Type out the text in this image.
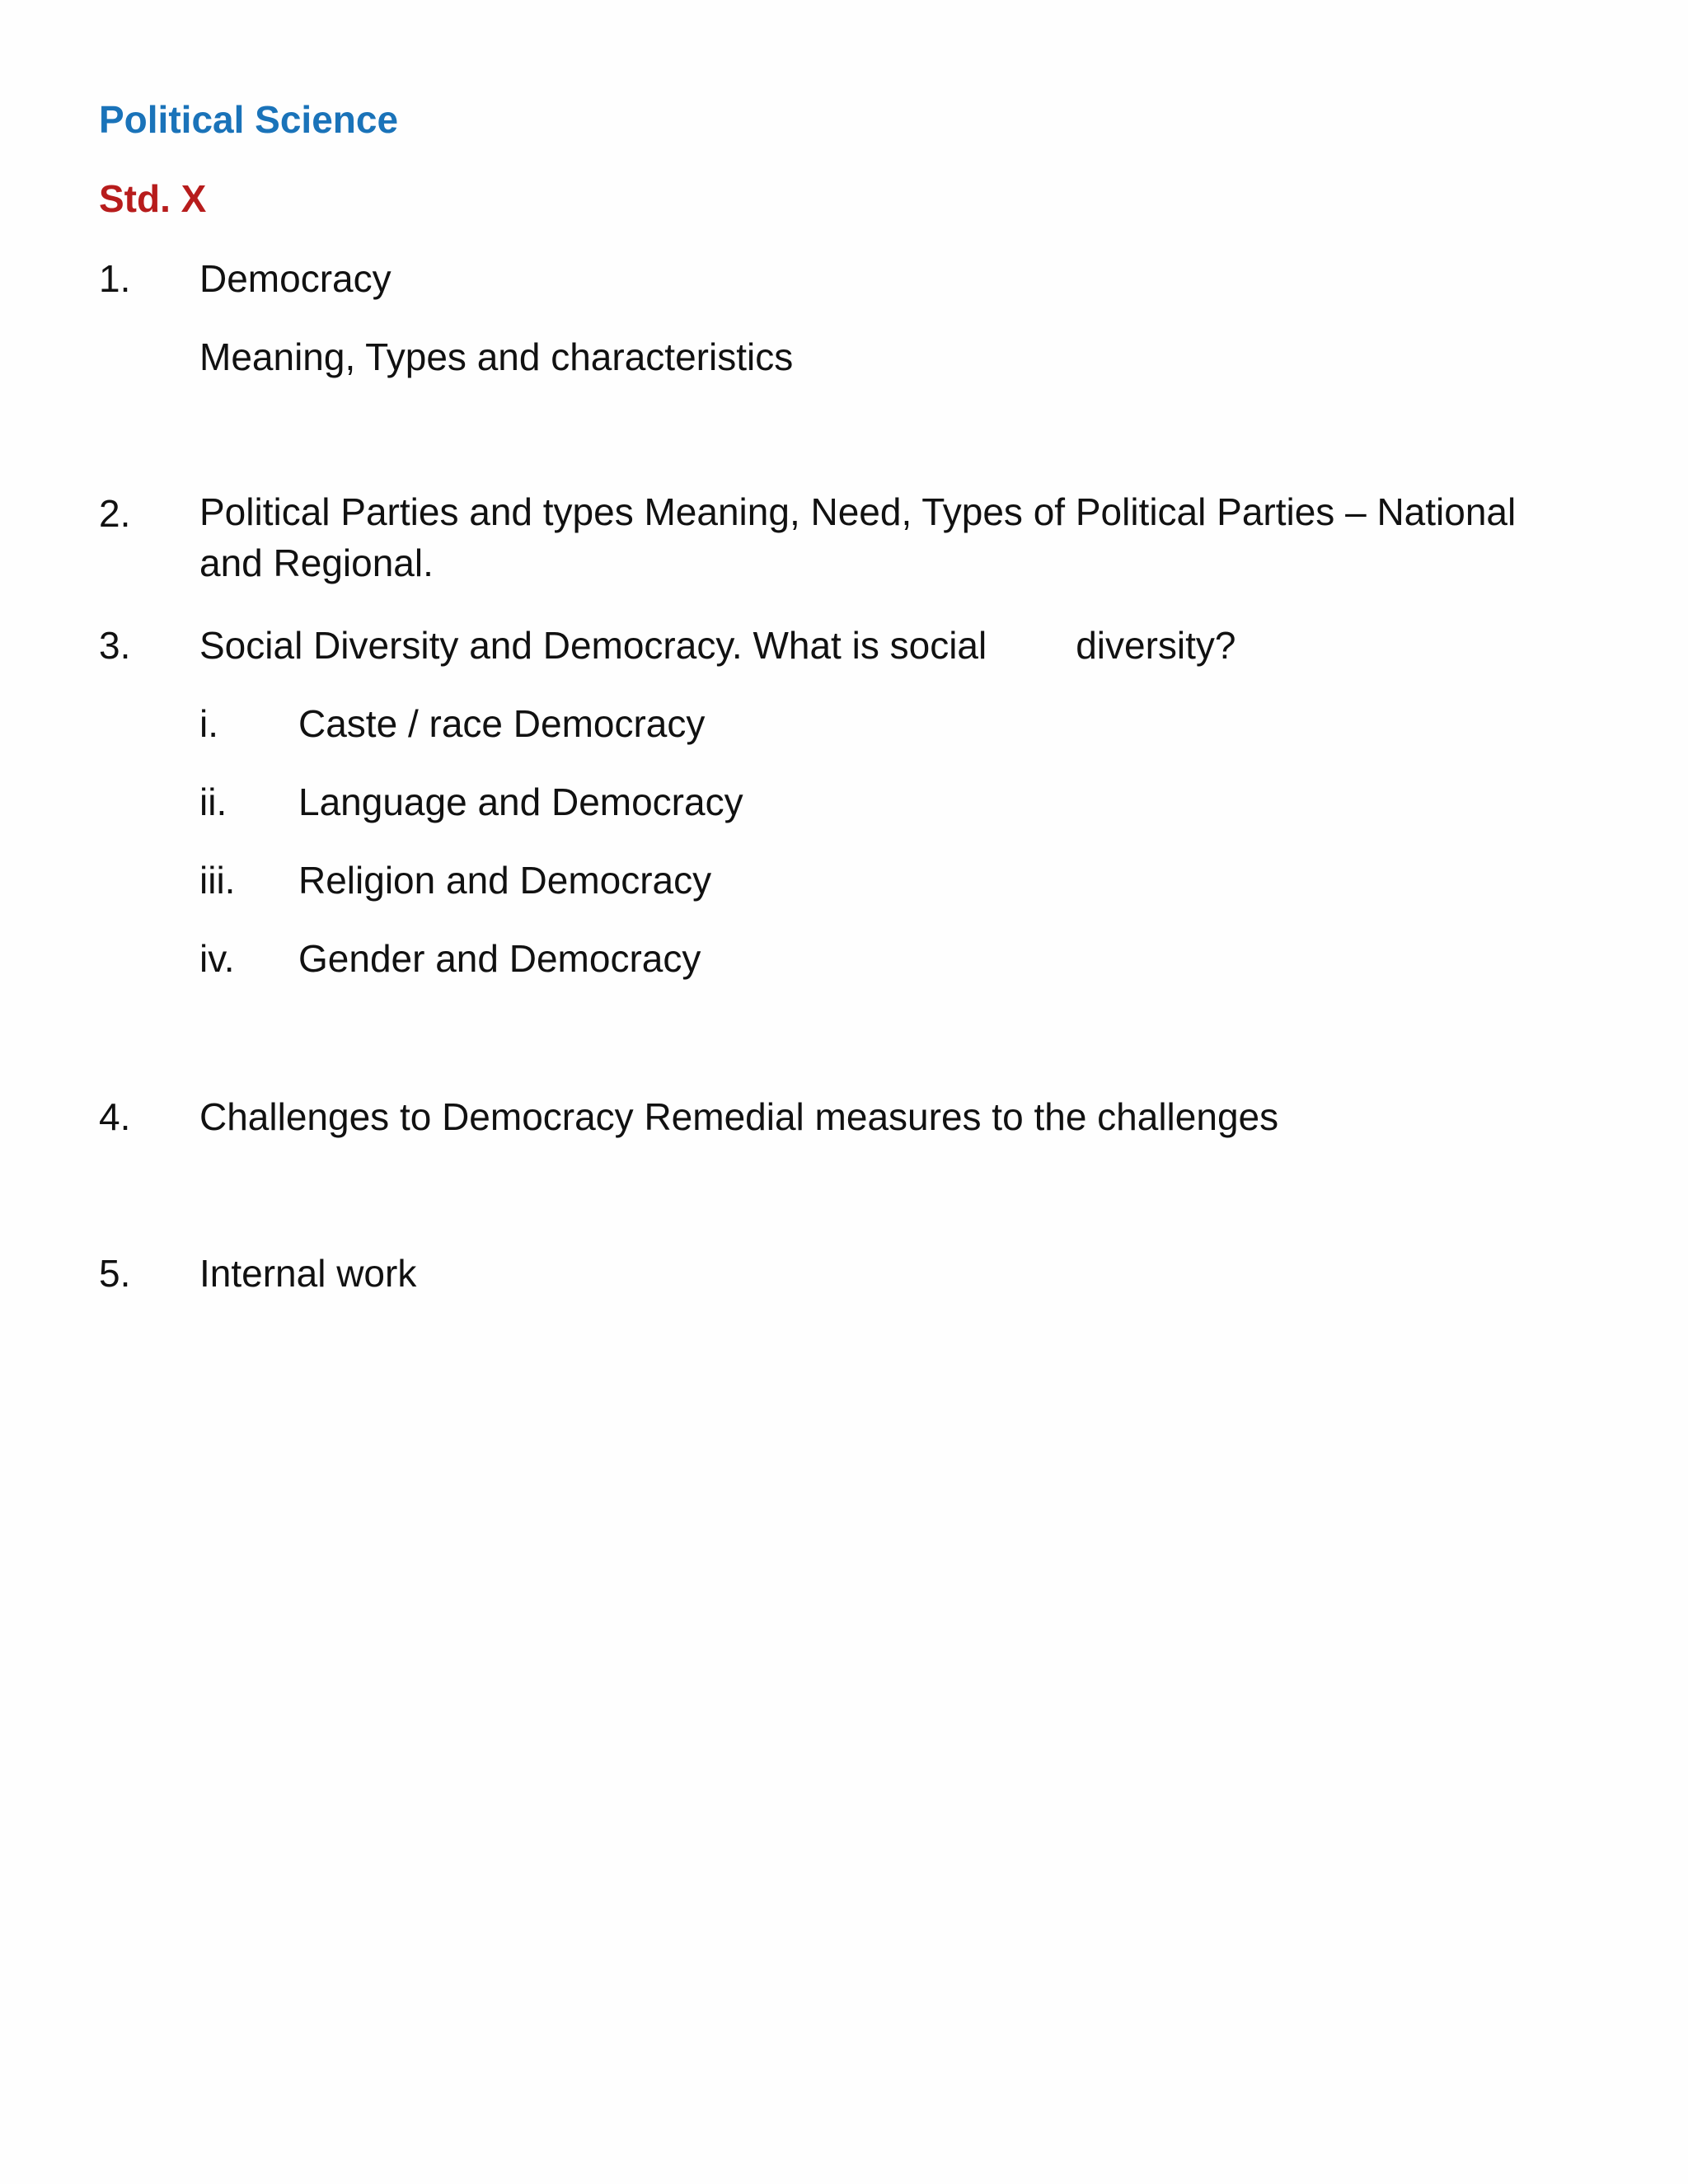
Political Science
Std. X
1. Democracy
Meaning, Types and characteristics
2. Political Parties and types Meaning, Need, Types of Political Parties – National and Regional.
3. Social Diversity and Democracy. What is social diversity?
i. Caste / race Democracy
ii. Language and Democracy
iii. Religion and Democracy
iv. Gender and Democracy
4. Challenges to Democracy Remedial measures to the challenges
5. Internal work
